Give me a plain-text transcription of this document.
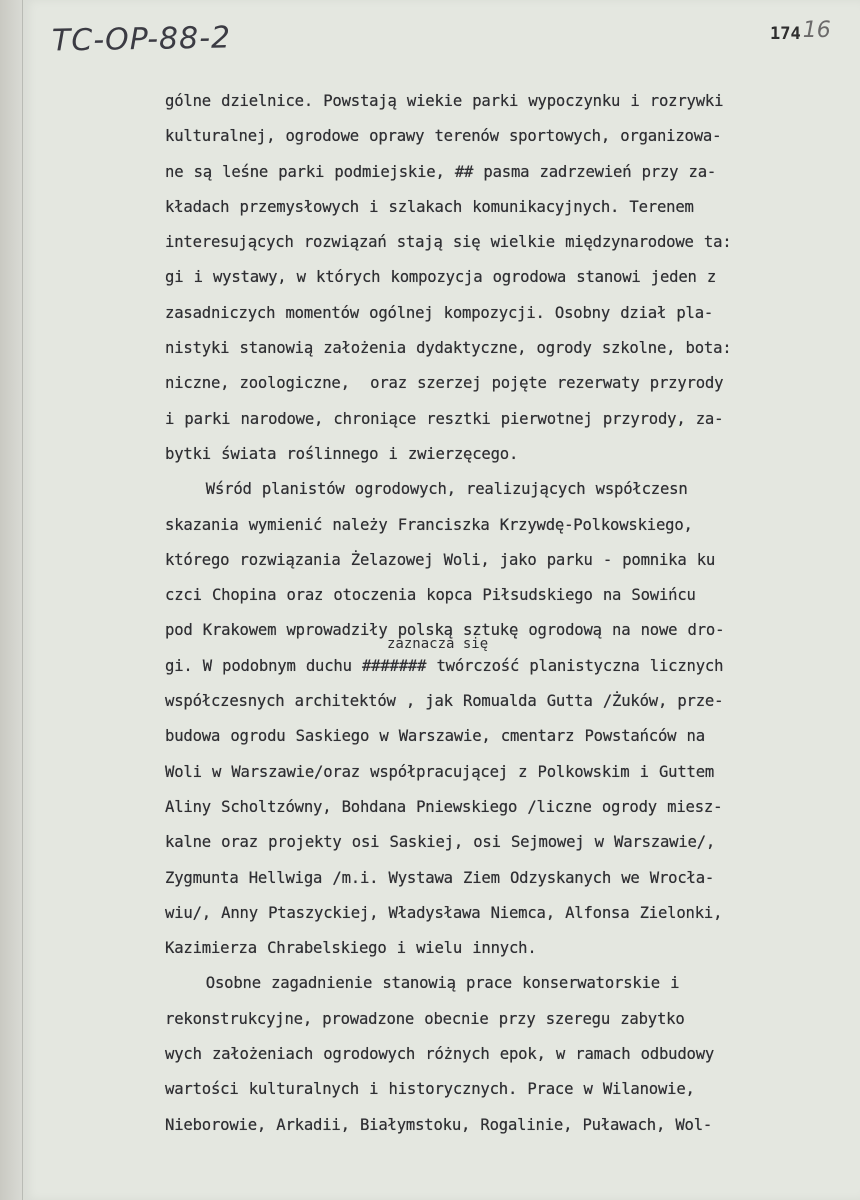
TC-OP-88-2	17416
zaznacza się
gólne dzielnice. Powstają wiekie parki wypoczynku i rozrywki
kulturalnej, ogrodowe oprawy terenów sportowych, organizowa-
ne są leśne parki podmiejskie, ## pasma zadrzewień przy za-
kładach przemysłowych i szlakach komunikacyjnych. Terenem
interesujących rozwiązań stają się wielkie międzynarodowe ta:
gi i wystawy, w których kompozycja ogrodowa stanowi jeden z
zasadniczych momentów ogólnej kompozycji. Osobny dział pla-
nistyki stanowią założenia dydaktyczne, ogrody szkolne, bota:
niczne, zoologiczne,  oraz szerzej pojęte rezerwaty przyrody
i parki narodowe, chroniące resztki pierwotnej przyrody, za-
bytki świata roślinnego i zwierzęcego.
Wśród planistów ogrodowych, realizujących współczesn
skazania wymienić należy Franciszka Krzywdę-Polkowskiego,
którego rozwiązania Żelazowej Woli, jako parku - pomnika ku
czci Chopina oraz otoczenia kopca Piłsudskiego na Sowińcu
pod Krakowem wprowadziły polską sztukę ogrodową na nowe dro-
gi. W podobnym duchu ####### twórczość planistyczna licznych
współczesnych architektów , jak Romualda Gutta /Żuków, prze-
budowa ogrodu Saskiego w Warszawie, cmentarz Powstańców na
Woli w Warszawie/oraz współpracującej z Polkowskim i Guttem
Aliny Scholtzówny, Bohdana Pniewskiego /liczne ogrody miesz-
kalne oraz projekty osi Saskiej, osi Sejmowej w Warszawie/,
Zygmunta Hellwiga /m.i. Wystawa Ziem Odzyskanych we Wrocła-
wiu/, Anny Ptaszyckiej, Władysława Niemca, Alfonsa Zielonki,
Kazimierza Chrabelskiego i wielu innych.
Osobne zagadnienie stanowią prace konserwatorskie i
rekonstrukcyjne, prowadzone obecnie przy szeregu zabytko
wych założeniach ogrodowych różnych epok, w ramach odbudowy
wartości kulturalnych i historycznych. Prace w Wilanowie,
Nieborowie, Arkadii, Białymstoku, Rogalinie, Puławach, Wol-
